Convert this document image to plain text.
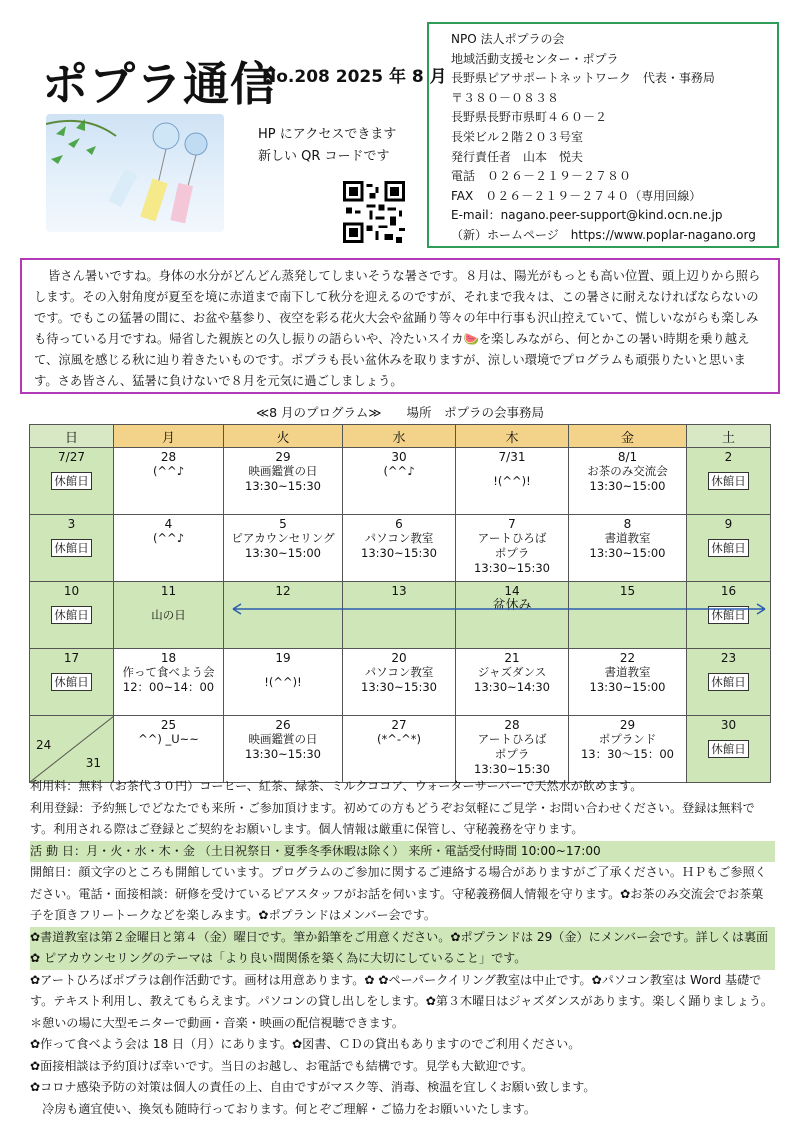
ポプラ通信
No.208 2025 年 8 月
HP にアクセスできます
新しい QR コードです
NPO 法人ポプラの会
地域活動支援センター・ポプラ
長野県ピアサポートネットワーク　代表・事務局
〒３８０－０８３８
長野県長野市県町４６０－２
長栄ビル２階２０３号室
発行責任者　山本　悦夫
電話　０２６－２１９－２７８０
FAX　０２６－２１９－２７４０（専用回線）
E-mail：nagano.peer-support@kind.ocn.ne.jp
（新）ホームページ　https://www.poplar-nagano.org
皆さん暑いですね。身体の水分がどんどん蒸発してしまいそうな暑さです。８月は、陽光がもっとも高い位置、頭上辺りから照らします。その入射角度が夏至を境に赤道まで南下して秋分を迎えるのですが、それまで我々は、この暑さに耐えなければならないのです。でもこの猛暑の間に、お盆や墓参り、夜空を彩る花火大会や盆踊り等々の年中行事も沢山控えていて、慌しいながらも楽しみも待っている月ですね。帰省した親族との久し振りの語らいや、冷たいスイカ🍉を楽しみながら、何とかこの暑い時期を乗り越えて、涼風を感じる秋に辿り着きたいものです。ポプラも長い盆休みを取りますが、涼しい環境でプログラムも頑張りたいと思います。さあ皆さん、猛暑に負けないで８月を元気に過ごしましょう。
≪8 月のプログラム≫　　場所　ポプラの会事務局
日	月	火	水	木	金	土

7/27
休館日	28
(^^♪	29
映画鑑賞の日
13:30~15:30	30
(^^♪	7/31
!(^^)!	8/1
お茶のみ交流会
13:30~15:00	2
休館日

3
休館日	4
(^^♪	5
ピアカウンセリング
13:30~15:00	6
パソコン教室
13:30~15:30	7
アートひろば
ポプラ
13:30~15:30	8
書道教室
13:30~15:00	9
休館日

10
休館日	11
山の日	12	13	14
盆休み	15	16
休館日

17
休館日	18
作って食べよう会
12：00~14：00	19
!(^^)!	20
パソコン教室
13:30~15:30	21
ジャズダンス
13:30~14:30	22
書道教室
13:30~15:00	23
休館日

24
31	25
^^) _U~~	26
映画鑑賞の日
13:30~15:30	27
(*^-^*)	28
アートひろば
ポプラ
13:30~15:30	29
ポプランド
13：30～15：00	30
休館日

利用料：無料（お茶代３０円）コーヒー、紅茶、緑茶、ミルクココア、ウォーターサーバーで天然水が飲めます。

利用登録：予約無しでどなたでも来所・ご参加頂けます。初めての方もどうぞお気軽にご見学・お問い合わせください。登録は無料です。利用される際はご登録とご契約をお願いします。個人情報は厳重に保管し、守秘義務を守ります。

活 動 日：月・火・水・木・金 （土日祝祭日・夏季冬季休暇は除く） 来所・電話受付時間 10:00~17:00

開館日：顔文字のところも開館しています。プログラムのご参加に関するご連絡する場合がありますがご了承ください。ＨＰもご参照ください。電話・面接相談：研修を受けているピアスタッフがお話を伺います。守秘義務個人情報を守ります。✿お茶のみ交流会でお茶菓子を頂きフリートークなどを楽しみます。✿ポプランドはメンバー会です。

✿書道教室は第２金曜日と第４（金）曜日です。筆か鉛筆をご用意ください。✿ポプランドは 29（金）にメンバー会です。詳しくは裏面✿ ピアカウンセリングのテーマは「より良い間関係を築く為に大切にしていること」です。

✿アートひろばポプラは創作活動です。画材は用意あります。✿ ✿ペーパークイリング教室は中止です。✿パソコン教室は Word 基礎です。テキスト利用し、教えてもらえます。パソコンの貸し出しをします。✿第３木曜日はジャズダンスがあります。楽しく踊りましょう。＊憩いの場に大型モニターで動画・音楽・映画の配信視聴できます。

✿作って食べよう会は 18 日（月）にあります。✿図書、ＣＤの貸出もありますのでご利用ください。

✿面接相談は予約頂けば幸いです。当日のお越し、お電話でも結構です。見学も大歓迎です。

✿コロナ感染予防の対策は個人の責任の上、自由ですがマスク等、消毒、検温を宜しくお願い致します。

　冷房も適宜使い、換気も随時行っております。何とぞご理解・ご協力をお願いいたします。
